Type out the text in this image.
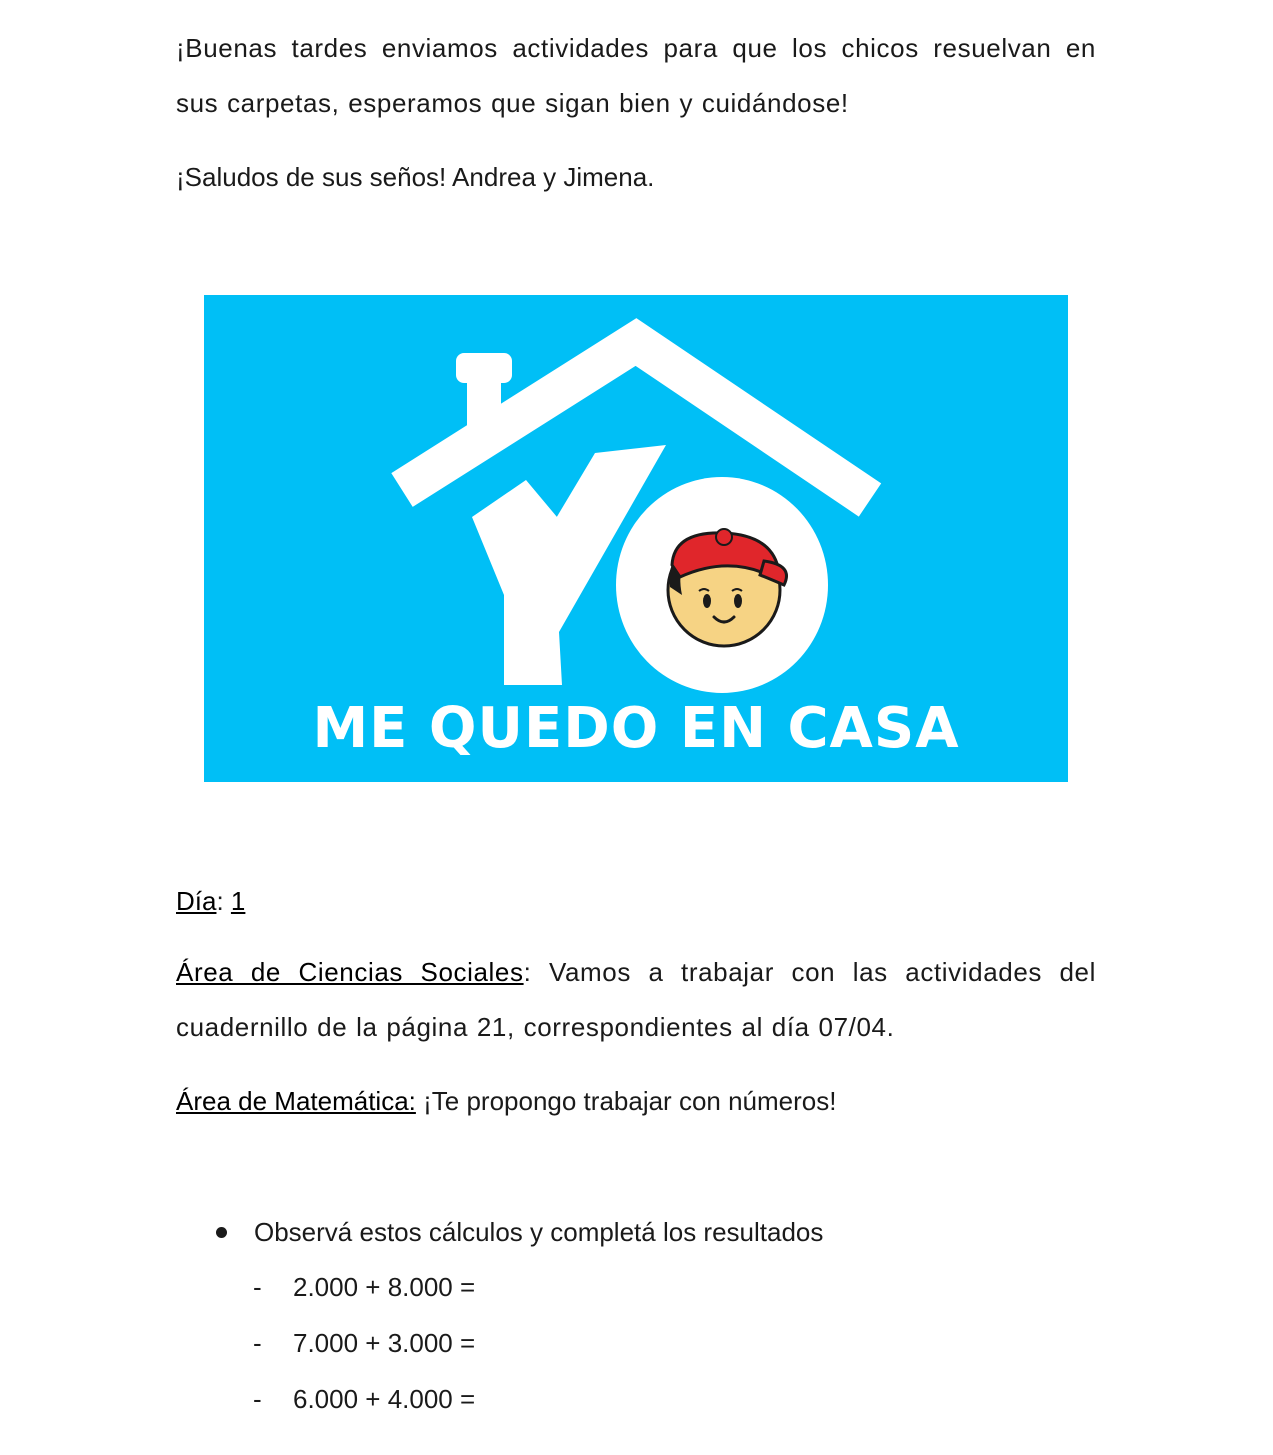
¡Buenas tardes enviamos actividades para que los chicos resuelvan en sus carpetas, esperamos que sigan bien y cuidándose!

¡Saludos de sus seños! Andrea y Jimena.

ME QUEDO EN CASA

Día: 1

Área de Ciencias Sociales: Vamos a trabajar con las actividades del cuadernillo de la página 21, correspondientes al día 07/04.

Área de Matemática: ¡Te propongo trabajar con números!

Observá estos cálculos y completá los resultados
- 2.000 + 8.000 =
- 7.000 + 3.000 =
- 6.000 + 4.000 =
